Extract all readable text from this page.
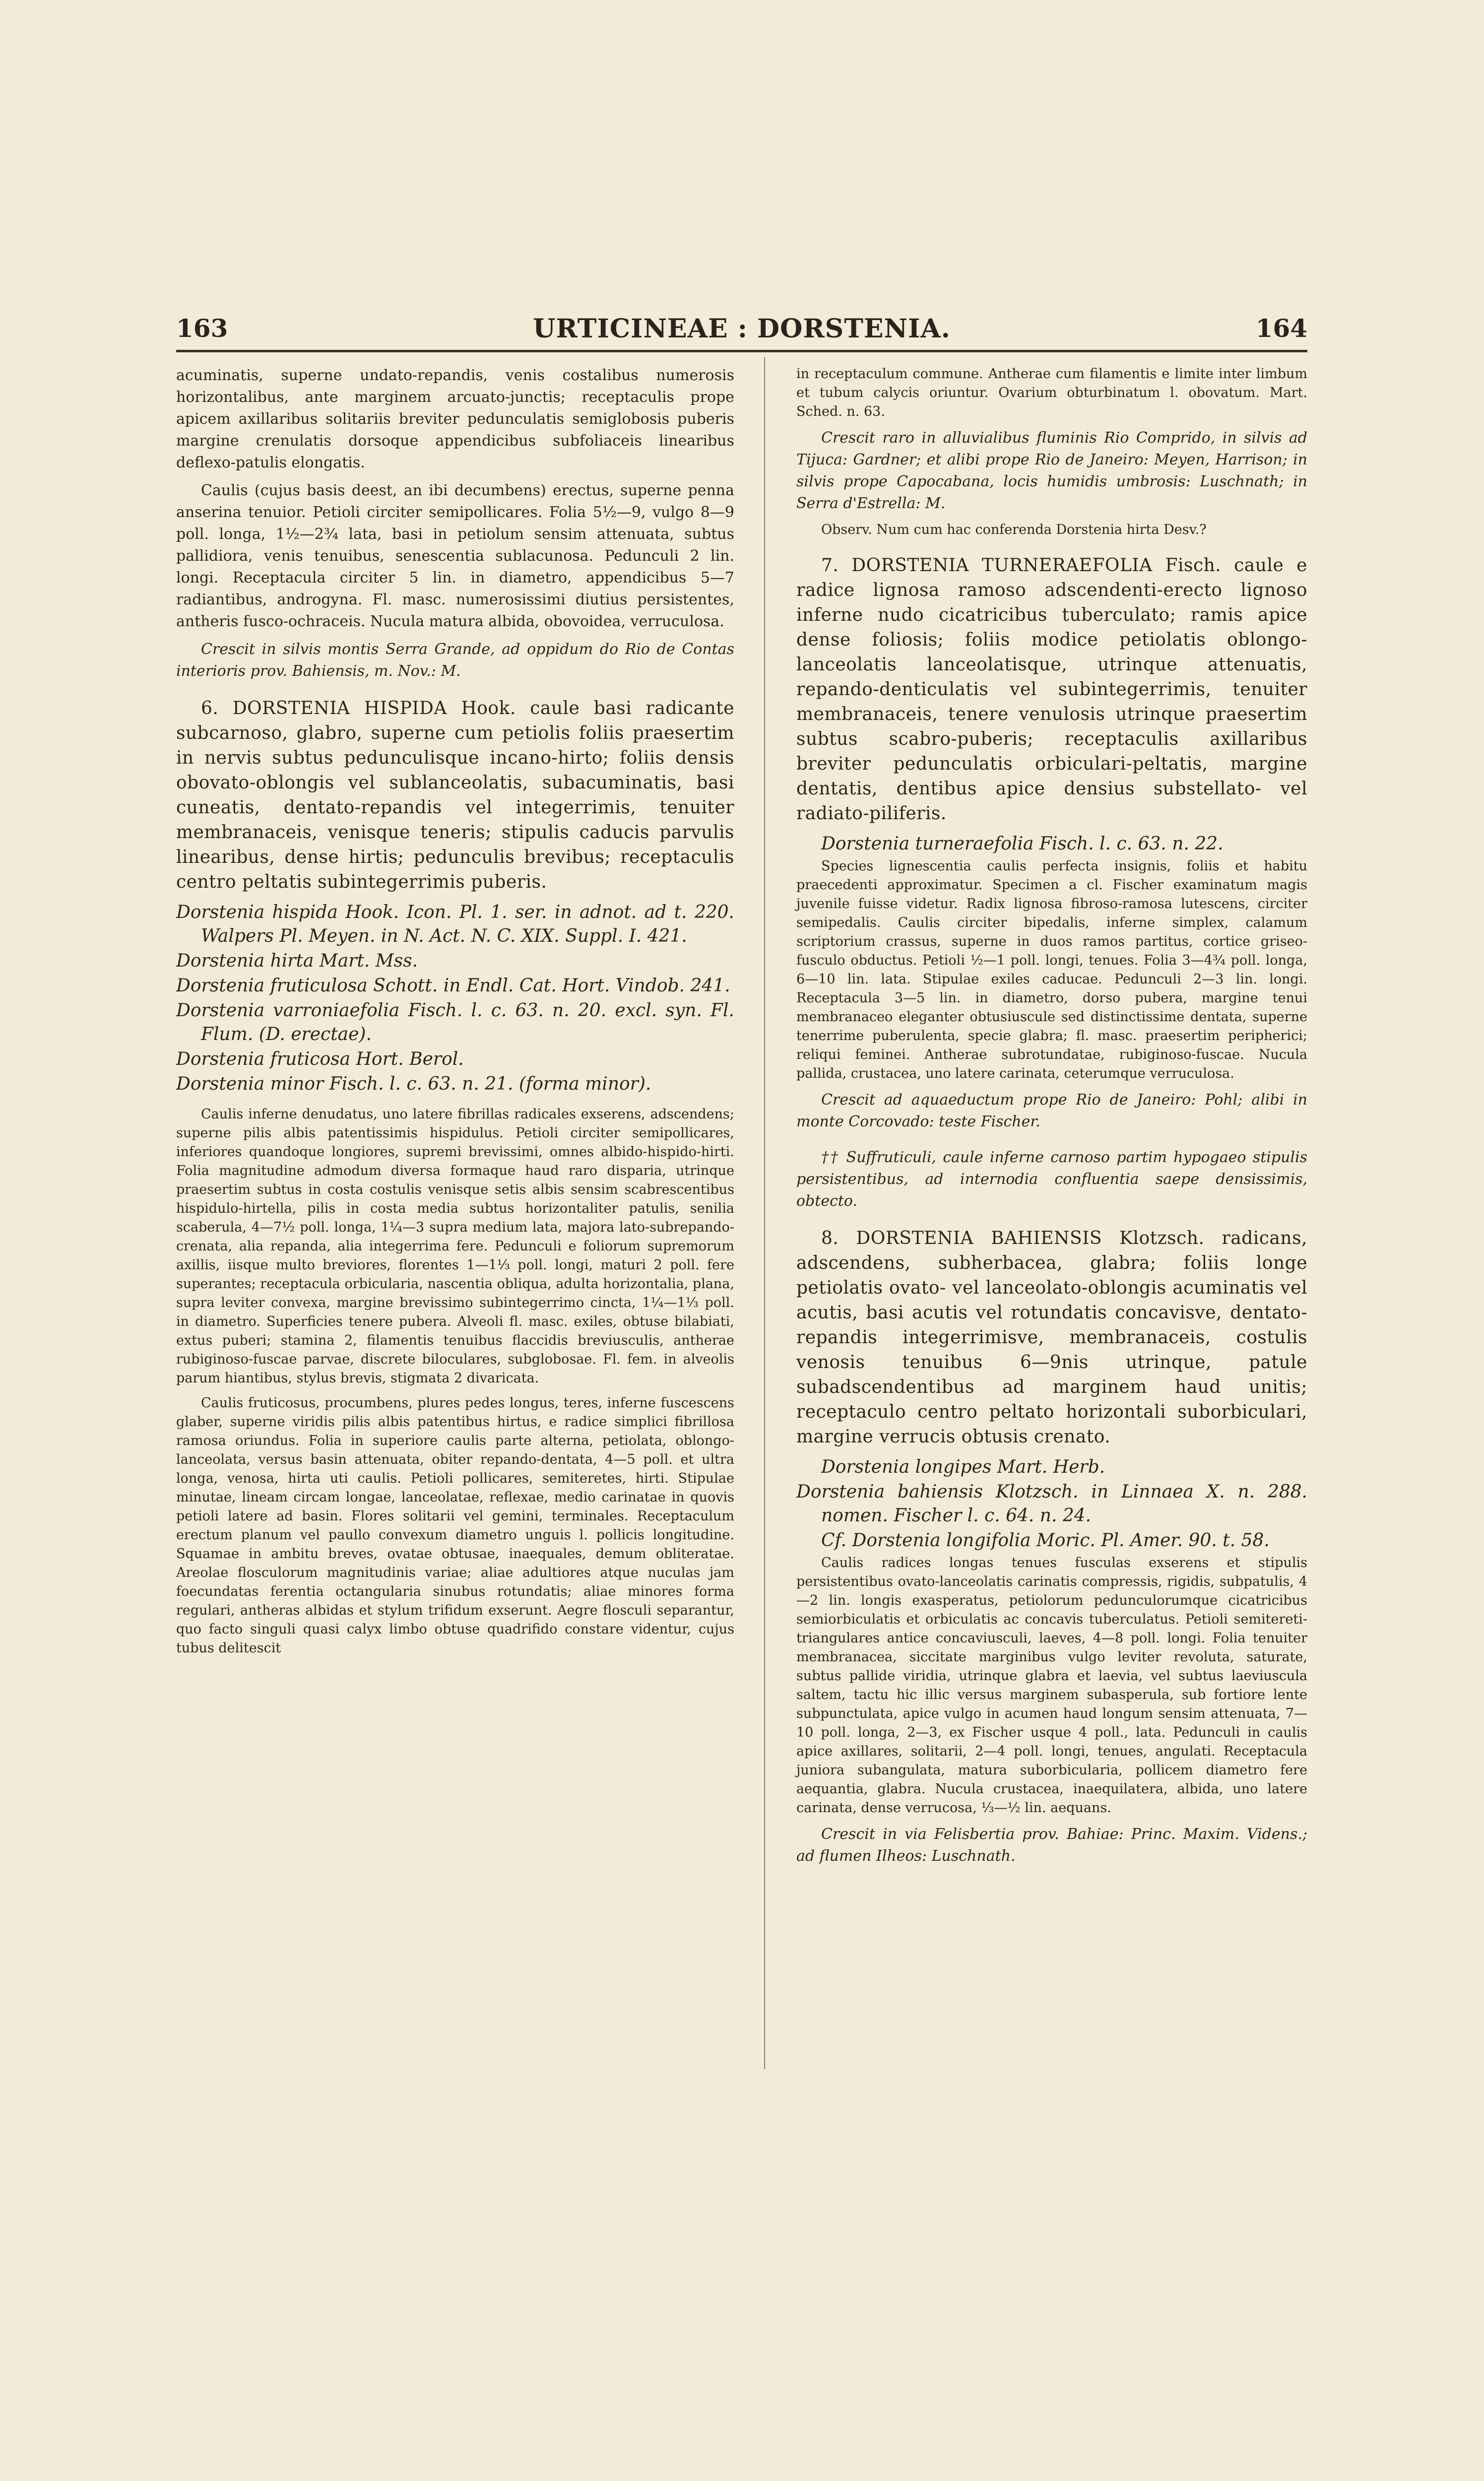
163	URTICINEAE : DORSTENIA.	164

acuminatis, superne undato-repandis, venis costalibus numerosis horizontalibus, ante marginem arcuato-junctis; receptaculis prope apicem axillaribus solitariis breviter pedunculatis semiglobosis puberis margine crenulatis dorsoque appendicibus subfoliaceis linearibus deflexo-patulis elongatis.

Caulis (cujus basis deest, an ibi decumbens) erectus, superne penna anserina tenuior. Petioli circiter semipollicares. Folia 5½—9, vulgo 8—9 poll. longa, 1½—2¾ lata, basi in petiolum sensim attenuata, subtus pallidiora, venis tenuibus, senescentia sublacunosa. Pedunculi 2 lin. longi. Receptacula circiter 5 lin. in diametro, appendicibus 5—7 radiantibus, androgyna. Fl. masc. numerosissimi diutius persistentes, antheris fusco-ochraceis. Nucula matura albida, obovoidea, verruculosa.

Crescit in silvis montis Serra Grande, ad oppidum do Rio de Contas interioris prov. Bahiensis, m. Nov.: M.

6. DORSTENIA HISPIDA Hook. caule basi radicante subcarnoso, glabro, superne cum petiolis foliis praesertim in nervis subtus pedunculisque incano-hirto; foliis densis obovato-oblongis vel sublanceolatis, subacuminatis, basi cuneatis, dentato-repandis vel integerrimis, tenuiter membranaceis, venisque teneris; stipulis caducis parvulis linearibus, dense hirtis; pedunculis brevibus; receptaculis centro peltatis subintegerrimis puberis.

Dorstenia hispida Hook. Icon. Pl. 1. ser. in adnot. ad t. 220. Walpers Pl. Meyen. in N. Act. N. C. XIX. Suppl. I. 421.

Dorstenia hirta Mart. Mss.

Dorstenia fruticulosa Schott. in Endl. Cat. Hort. Vindob. 241.

Dorstenia varroniaefolia Fisch. l. c. 63. n. 20. excl. syn. Fl. Flum. (D. erectae).

Dorstenia fruticosa Hort. Berol.

Dorstenia minor Fisch. l. c. 63. n. 21. (forma minor).

Caulis inferne denudatus, uno latere fibrillas radicales exserens, adscendens; superne pilis albis patentissimis hispidulus. Petioli circiter semipollicares, inferiores quandoque longiores, supremi brevissimi, omnes albido-hispido-hirti. Folia magnitudine admodum diversa formaque haud raro disparia, utrinque praesertim subtus in costa costulis venisque setis albis sensim scabrescentibus hispidulo-hirtella, pilis in costa media subtus horizontaliter patulis, senilia scaberula, 4—7½ poll. longa, 1¼—3 supra medium lata, majora lato-subrepando-crenata, alia repanda, alia integerrima fere. Pedunculi e foliorum supremorum axillis, iisque multo breviores, florentes 1—1⅓ poll. longi, maturi 2 poll. fere superantes; receptacula orbicularia, nascentia obliqua, adulta horizontalia, plana, supra leviter convexa, margine brevissimo subintegerrimo cincta, 1¼—1⅓ poll. in diametro. Superficies tenere pubera. Alveoli fl. masc. exiles, obtuse bilabiati, extus puberi; stamina 2, filamentis tenuibus flaccidis breviusculis, antherae rubiginoso-fuscae parvae, discrete biloculares, subglobosae. Fl. fem. in alveolis parum hiantibus, stylus brevis, stigmata 2 divaricata.

Caulis fruticosus, procumbens, plures pedes longus, teres, inferne fuscescens glaber, superne viridis pilis albis patentibus hirtus, e radice simplici fibrillosa ramosa oriundus. Folia in superiore caulis parte alterna, petiolata, oblongo-lanceolata, versus basin attenuata, obiter repando-dentata, 4—5 poll. et ultra longa, venosa, hirta uti caulis. Petioli pollicares, semiteretes, hirti. Stipulae minutae, lineam circam longae, lanceolatae, reflexae, medio carinatae in quovis petioli latere ad basin. Flores solitarii vel gemini, terminales. Receptaculum erectum planum vel paullo convexum diametro unguis l. pollicis longitudine. Squamae in ambitu breves, ovatae obtusae, inaequales, demum obliteratae. Areolae flosculorum magnitudinis variae; aliae adultiores atque nuculas jam foecundatas ferentia octangularia sinubus rotundatis; aliae minores forma regulari, antheras albidas et stylum trifidum exserunt. Aegre flosculi separantur, quo facto singuli quasi calyx limbo obtuse quadrifido constare videntur, cujus tubus delitescit

in receptaculum commune. Antherae cum filamentis e limite inter limbum et tubum calycis oriuntur. Ovarium obturbinatum l. obovatum. Mart. Sched. n. 63.

Crescit raro in alluvialibus fluminis Rio Comprido, in silvis ad Tijuca: Gardner; et alibi prope Rio de Janeiro: Meyen, Harrison; in silvis prope Capocabana, locis humidis umbrosis: Luschnath; in Serra d'Estrella: M.

Observ. Num cum hac conferenda Dorstenia hirta Desv.?

7. DORSTENIA TURNERAEFOLIA Fisch. caule e radice lignosa ramoso adscendenti-erecto lignoso inferne nudo cicatricibus tuberculato; ramis apice dense foliosis; foliis modice petiolatis oblongo-lanceolatis lanceolatisque, utrinque attenuatis, repando-denticulatis vel subintegerrimis, tenuiter membranaceis, tenere venulosis utrinque praesertim subtus scabro-puberis; receptaculis axillaribus breviter pedunculatis orbiculari-peltatis, margine dentatis, dentibus apice densius substellato- vel radiato-piliferis.

Dorstenia turneraefolia Fisch. l. c. 63. n. 22.

Species lignescentia caulis perfecta insignis, foliis et habitu praecedenti approximatur. Specimen a cl. Fischer examinatum magis juvenile fuisse videtur. Radix lignosa fibroso-ramosa lutescens, circiter semipedalis. Caulis circiter bipedalis, inferne simplex, calamum scriptorium crassus, superne in duos ramos partitus, cortice griseo-fusculo obductus. Petioli ½—1 poll. longi, tenues. Folia 3—4¾ poll. longa, 6—10 lin. lata. Stipulae exiles caducae. Pedunculi 2—3 lin. longi. Receptacula 3—5 lin. in diametro, dorso pubera, margine tenui membranaceo eleganter obtusiuscule sed distinctissime dentata, superne tenerrime puberulenta, specie glabra; fl. masc. praesertim peripherici; reliqui feminei. Antherae subrotundatae, rubiginoso-fuscae. Nucula pallida, crustacea, uno latere carinata, ceterumque verruculosa.

Crescit ad aquaeductum prope Rio de Janeiro: Pohl; alibi in monte Corcovado: teste Fischer.

†† Suffruticuli, caule inferne carnoso partim hypogaeo stipulis persistentibus, ad internodia confluentia saepe densissimis, obtecto.

8. DORSTENIA BAHIENSIS Klotzsch. radicans, adscendens, subherbacea, glabra; foliis longe petiolatis ovato- vel lanceolato-oblongis acuminatis vel acutis, basi acutis vel rotundatis concavisve, dentato-repandis integerrimisve, membranaceis, costulis venosis tenuibus 6—9nis utrinque, patule subadscendentibus ad marginem haud unitis; receptaculo centro peltato horizontali suborbiculari, margine verrucis obtusis crenato.

Dorstenia longipes Mart. Herb.

Dorstenia bahiensis Klotzsch. in Linnaea X. n. 288. nomen. Fischer l. c. 64. n. 24.

Cf. Dorstenia longifolia Moric. Pl. Amer. 90. t. 58.

Caulis radices longas tenues fusculas exserens et stipulis persistentibus ovato-lanceolatis carinatis compressis, rigidis, subpatulis, 4—2 lin. longis exasperatus, petiolorum pedunculorumque cicatricibus semiorbiculatis et orbiculatis ac concavis tuberculatus. Petioli semitereti-triangulares antice concaviusculi, laeves, 4—8 poll. longi. Folia tenuiter membranacea, siccitate marginibus vulgo leviter revoluta, saturate, subtus pallide viridia, utrinque glabra et laevia, vel subtus laeviuscula saltem, tactu hic illic versus marginem subasperula, sub fortiore lente subpunctulata, apice vulgo in acumen haud longum sensim attenuata, 7—10 poll. longa, 2—3, ex Fischer usque 4 poll., lata. Pedunculi in caulis apice axillares, solitarii, 2—4 poll. longi, tenues, angulati. Receptacula juniora subangulata, matura suborbicularia, pollicem diametro fere aequantia, glabra. Nucula crustacea, inaequilatera, albida, uno latere carinata, dense verrucosa, ⅓—½ lin. aequans.

Crescit in via Felisbertia prov. Bahiae: Princ. Maxim. Videns.; ad flumen Ilheos: Luschnath.
